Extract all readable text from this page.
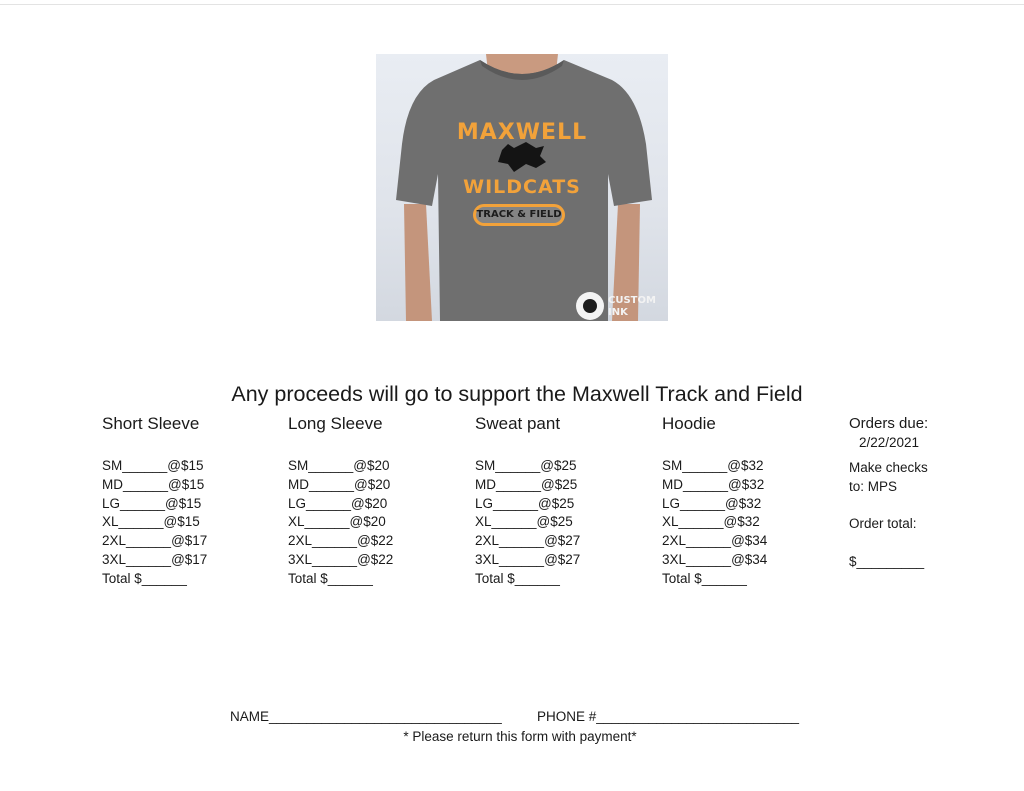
MAXWELL
WILDCATS
TRACK & FIELD
CUSTOM INK
Any proceeds will go to support the Maxwell Track and Field
Short Sleeve
SM______@$15
MD______@$15
LG______@$15
XL______@$15
2XL______@$17
3XL______@$17
Total $______
Long Sleeve
SM______@$20
MD______@$20
LG______@$20
XL______@$20
2XL______@$22
3XL______@$22
Total $______
Sweat pant
SM______@$25
MD______@$25
LG______@$25
XL______@$25
2XL______@$27
3XL______@$27
Total $______
Hoodie
SM______@$32
MD______@$32
LG______@$32
XL______@$32
2XL______@$34
3XL______@$34
Total $______
Orders due:
2/22/2021
Make checks
to: MPS
Order total:
$_________
NAME_______________________________	PHONE #___________________________
* Please return this form with payment*
